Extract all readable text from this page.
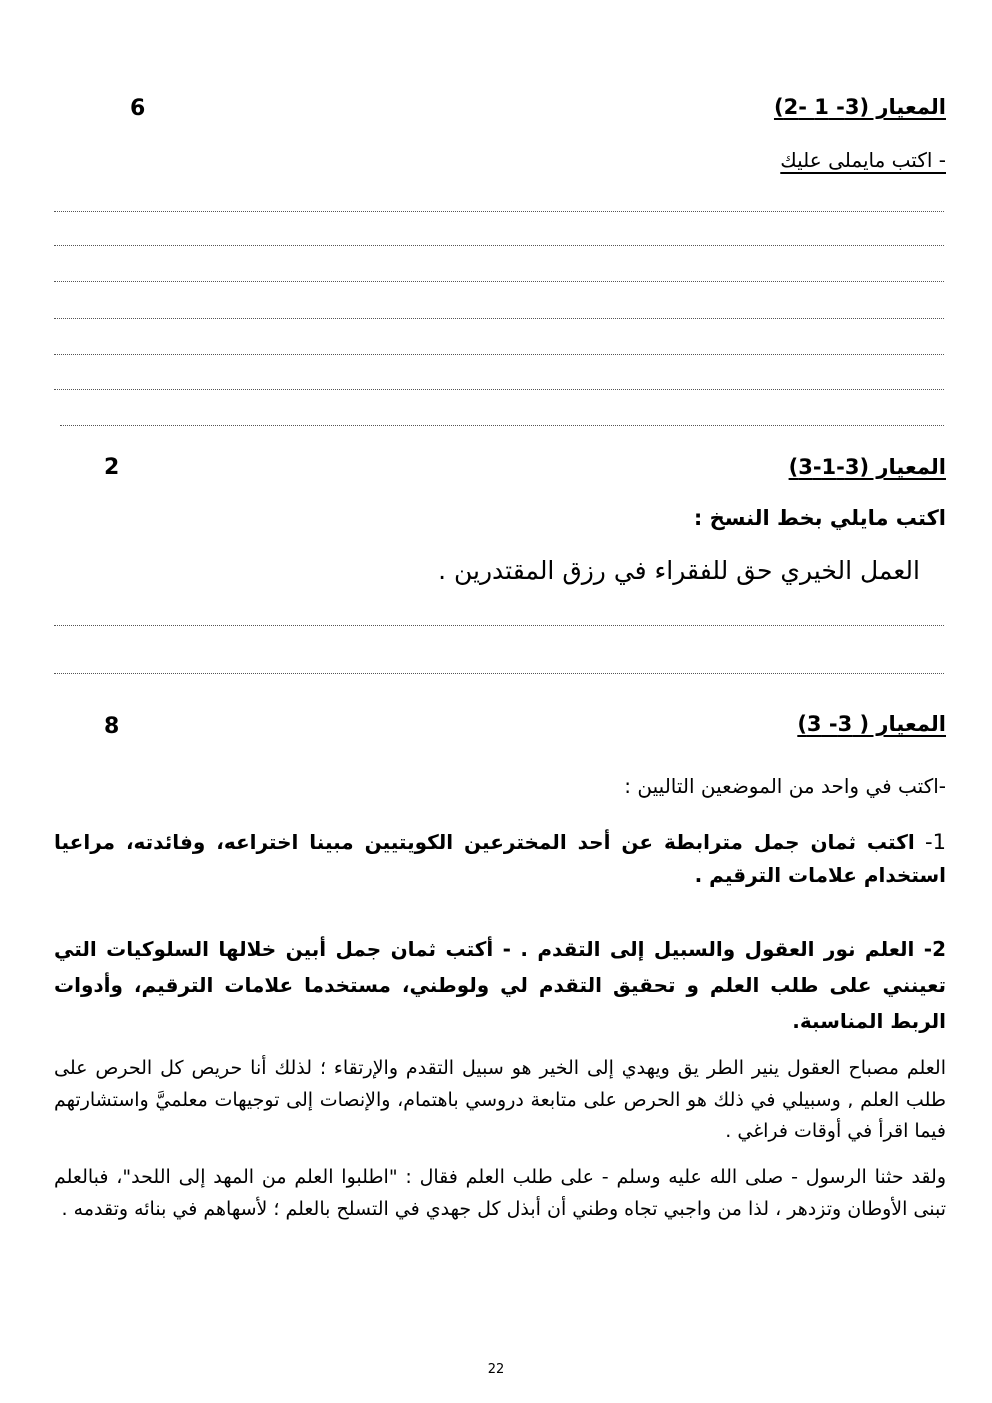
المعيار (3- 1 -2)
6
- اكتب مايملى عليك
المعيار (3-1-3)
2
اكتب مايلي بخط النسخ :
العمل الخيري حق للفقراء في رزق المقتدرين .
المعيار ( 3- 3)
8
-اكتب في واحد من الموضعين التاليين :
1- اكتب ثمان جمل مترابطة عن أحد المخترعين الكويتيين مبينا اختراعه، وفائدته، مراعيا استخدام علامات الترقيم .
2- العلم نور العقول والسبيل إلى التقدم . - أكتب ثمان جمل أبين خلالها السلوكيات التي تعينني على طلب العلم و تحقيق التقدم لي ولوطني، مستخدما علامات الترقيم، وأدوات الربط المناسبة.
العلم مصباح العقول ينير الطر يق ويهدي إلى الخير هو سبيل التقدم والإرتقاء ؛ لذلك أنا حريص كل الحرص على طلب العلم , وسبيلي في ذلك هو الحرص على متابعة دروسي باهتمام، والإنصات إلى توجيهات معلميَّ واستشارتهم فيما اقرأ في أوقات فراغي .
ولقد حثنا الرسول - صلى الله عليه وسلم - على طلب العلم فقال : "اطلبوا العلم من المهد إلى اللحد"، فبالعلم تبنى الأوطان وتزدهر ، لذا من واجبي تجاه وطني أن أبذل كل جهدي في التسلح بالعلم ؛ لأسهاهم في بنائه وتقدمه .
22
